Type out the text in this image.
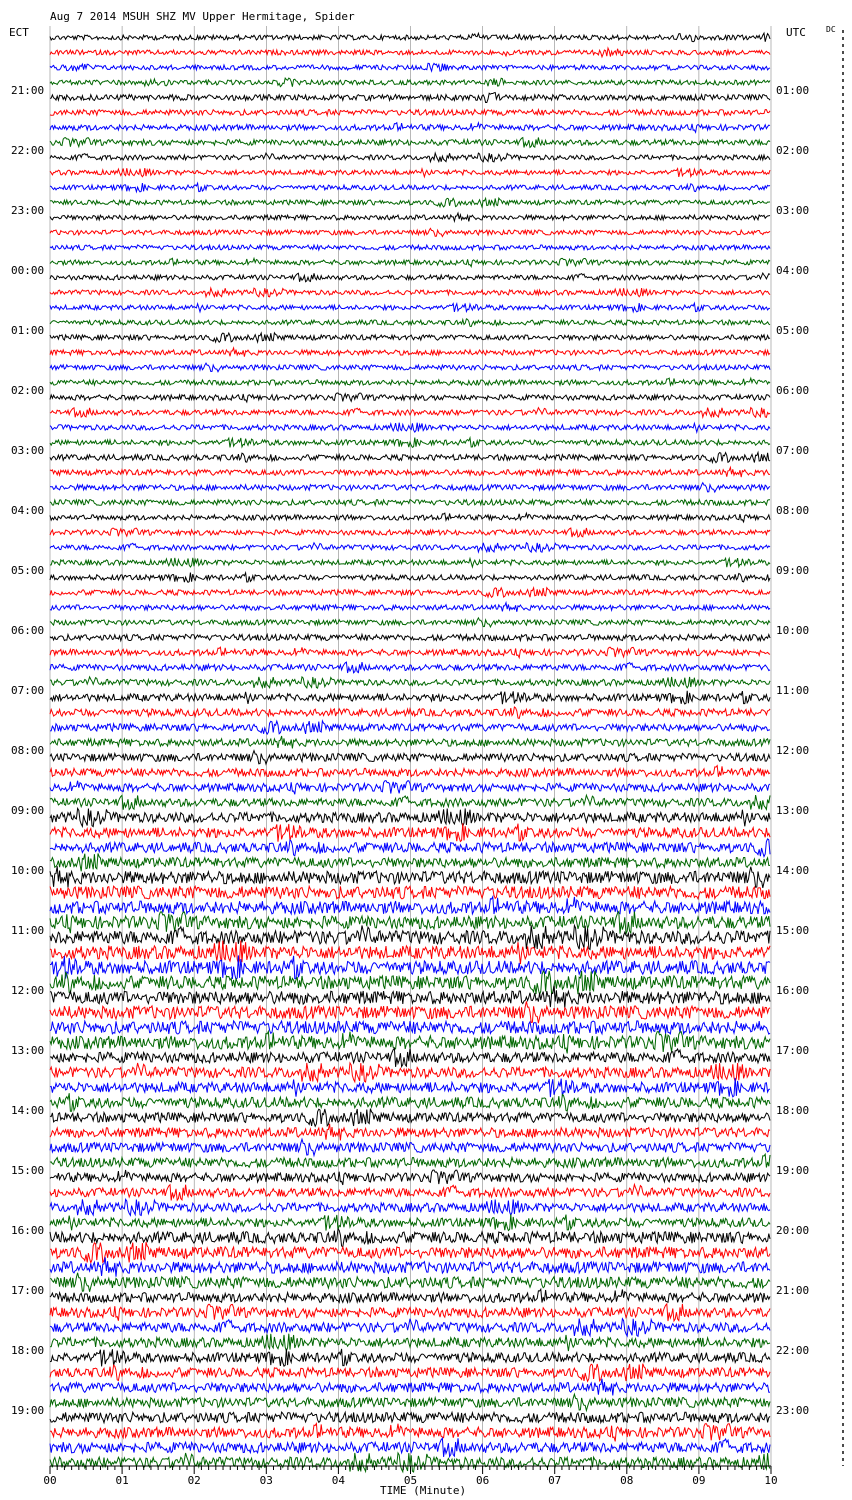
Aug 7 2014 MSUH SHZ MV Upper Hermitage, Spider
ECT	UTC	DC
21:00
22:00
23:00
00:00
01:00
02:00
03:00
04:00
05:00
06:00
07:00
08:00
09:00
10:00
11:00
12:00
13:00
14:00
15:00
16:00
17:00
18:00
19:00
01:00
02:00
03:00
04:00
05:00
06:00
07:00
08:00
09:00
10:00
11:00
12:00
13:00
14:00
15:00
16:00
17:00
18:00
19:00
20:00
21:00
22:00
23:00
00	01	02	03	04	05	06	07	08	09	10
TIME (Minute)
